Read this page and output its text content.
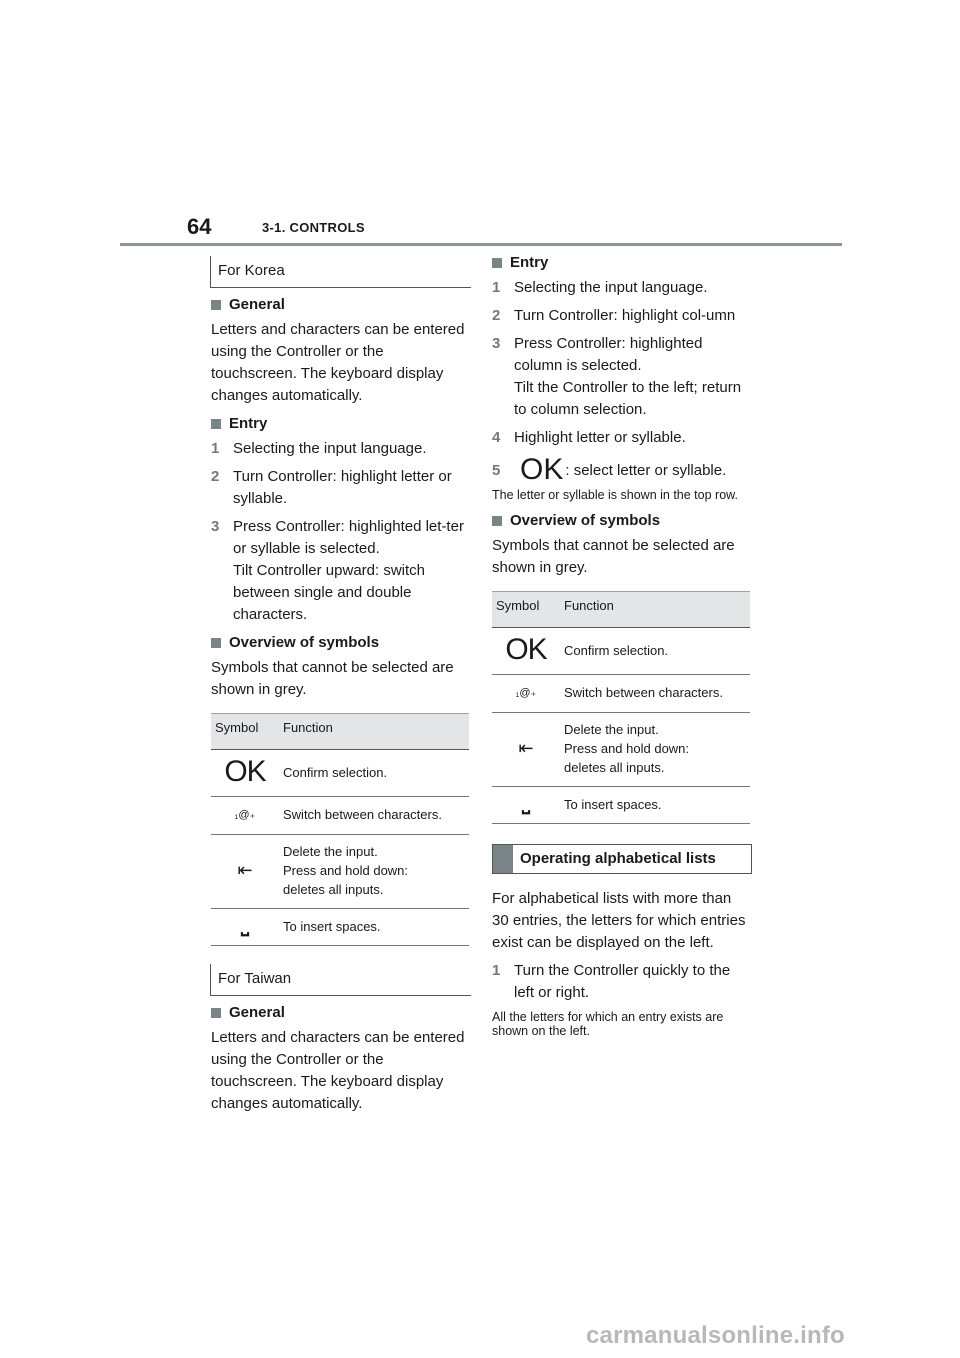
64	3-1. CONTROLS
For Korea
General
Letters and characters can be entered using the Controller or the touchscreen. The keyboard display changes automatically.
Entry
1 Selecting the input language.
2 Turn Controller: highlight letter or syllable.
3 Press Controller: highlighted let-ter or syllable is selected.
Tilt Controller upward: switch between single and double characters.
Overview of symbols
Symbols that cannot be selected are shown in grey.
Symbol	Function
OK	Confirm selection.
₁@₊	Switch between characters.
⇤	Delete the input.
Press and hold down:
deletes all inputs.

⎵	To insert spaces.
For Taiwan
General
Letters and characters can be entered using the Controller or the touchscreen. The keyboard display changes automatically.
Entry
1 Selecting the input language.
2 Turn Controller: highlight col-umn
3 Press Controller: highlighted column is selected.
Tilt the Controller to the left; return to column selection.
4 Highlight letter or syllable.
5 OK : select letter or syllable.
The letter or syllable is shown in the top row.
Overview of symbols
Symbols that cannot be selected are shown in grey.
Symbol	Function
OK	Confirm selection.
₁@₊	Switch between characters.
⇤	Delete the input.
Press and hold down:
deletes all inputs.

⎵	To insert spaces.
Operating alphabetical lists
For alphabetical lists with more than 30 entries, the letters for which entries exist can be displayed on the left.
1 Turn the Controller quickly to the left or right.
All the letters for which an entry exists are shown on the left.
carmanualsonline.info
